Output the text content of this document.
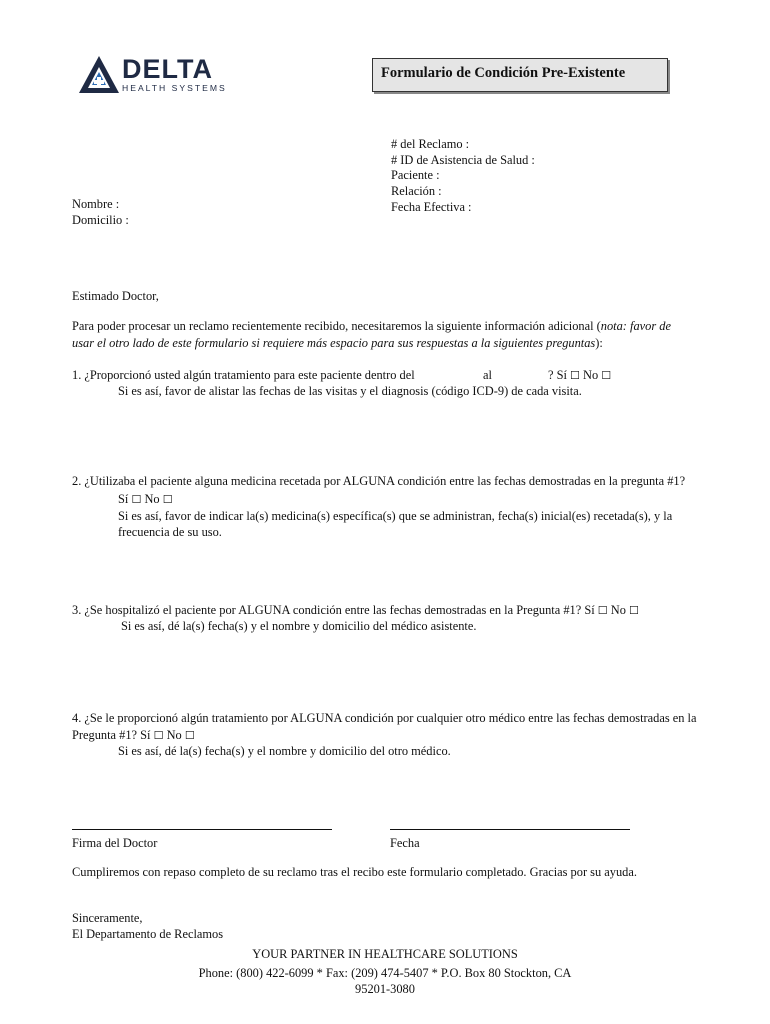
DELTA
HEALTH SYSTEMS
Formulario de Condición Pre-Existente
# del Reclamo :
# ID de Asistencia de Salud :
Paciente :
Relación :
Fecha Efectiva :
Nombre :
Domicilio :
Estimado Doctor,
Para poder procesar un reclamo recientemente recibido, necesitaremos la siguiente información adicional (nota: favor de
usar el otro lado de este formulario si requiere más espacio para sus respuestas a la siguientes preguntas):
1. ¿Proporcionó usted algún tratamiento para este paciente dentro del	al	? Sí ☐ No ☐
Si es así, favor de alistar las fechas de las visitas y el diagnosis (código ICD-9) de cada visita.
2. ¿Utilizaba el paciente alguna medicina recetada por ALGUNA condición entre las fechas demostradas en la pregunta #1?
Sí ☐ No ☐
Si es así, favor de indicar la(s) medicina(s) específica(s) que se administran, fecha(s) inicial(es) recetada(s), y la
frecuencia de su uso.
3. ¿Se hospitalizó el paciente por ALGUNA condición entre las fechas demostradas en la Pregunta #1? Sí ☐ No ☐
Si es así, dé la(s) fecha(s) y el nombre y domicilio del médico asistente.
4. ¿Se le proporcionó algún tratamiento por ALGUNA condición por cualquier otro médico entre las fechas demostradas en la
Pregunta #1? Sí ☐ No ☐
Si es así, dé la(s) fecha(s) y el nombre y domicilio del otro médico.
Firma del Doctor	Fecha
Cumpliremos con repaso completo de su reclamo tras el recibo este formulario completado. Gracias por su ayuda.
Sinceramente,
El Departamento de Reclamos
YOUR PARTNER IN HEALTHCARE SOLUTIONS
Phone: (800) 422-6099 * Fax: (209) 474-5407 * P.O. Box 80 Stockton, CA
95201-3080
